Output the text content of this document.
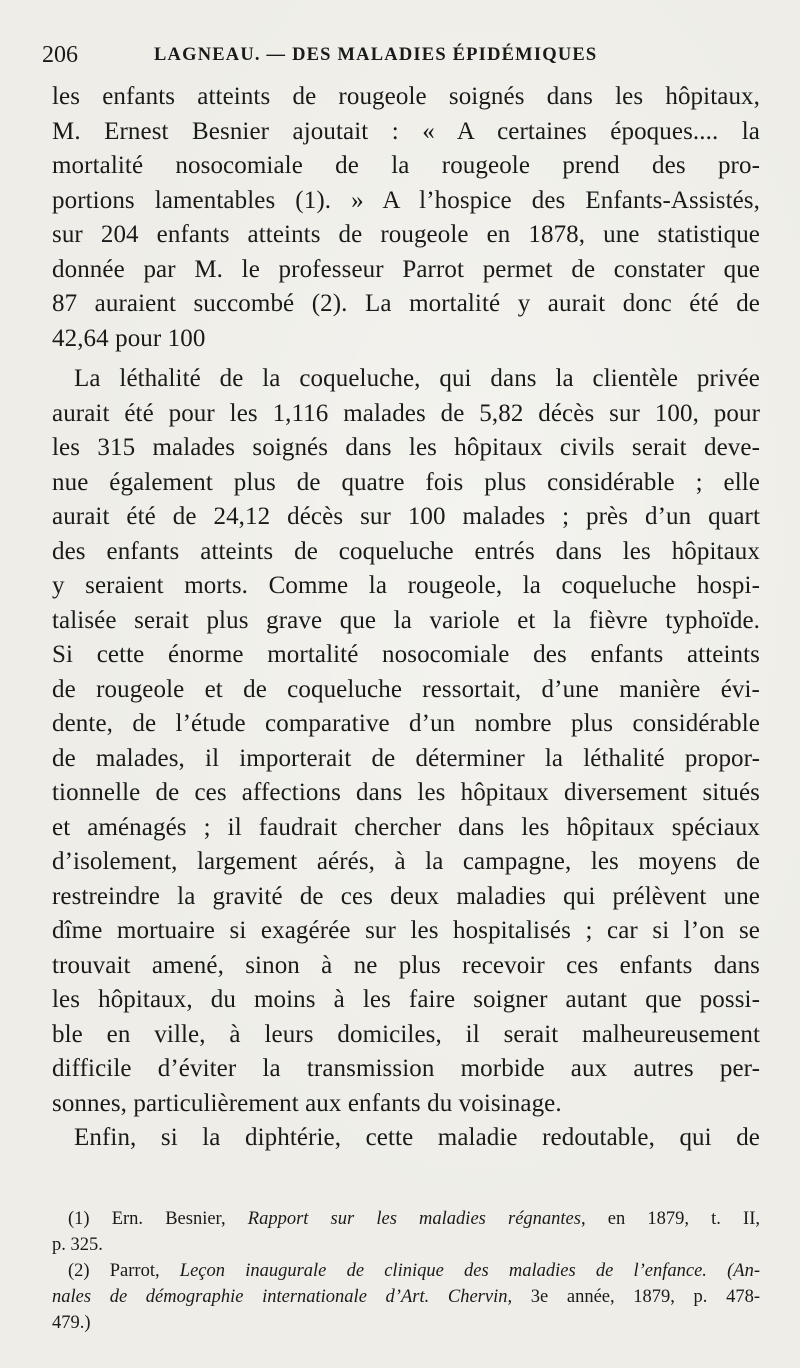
206	LAGNEAU. — DES MALADIES ÉPIDÉMIQUES
les enfants atteints de rougeole soignés dans les hôpitaux,
M. Ernest Besnier ajoutait : « A certaines époques.... la
mortalité nosocomiale de la rougeole prend des pro-
portions lamentables (1). » A l’hospice des Enfants-Assistés,
sur 204 enfants atteints de rougeole en 1878, une statistique
donnée par M. le professeur Parrot permet de constater que
87 auraient succombé (2). La mortalité y aurait donc été de
42,64 pour 100
La léthalité de la coqueluche, qui dans la clientèle privée
aurait été pour les 1,116 malades de 5,82 décès sur 100, pour
les 315 malades soignés dans les hôpitaux civils serait deve-
nue également plus de quatre fois plus considérable ; elle
aurait été de 24,12 décès sur 100 malades ; près d’un quart
des enfants atteints de coqueluche entrés dans les hôpitaux
y seraient morts. Comme la rougeole, la coqueluche hospi-
talisée serait plus grave que la variole et la fièvre typhoïde.
Si cette énorme mortalité nosocomiale des enfants atteints
de rougeole et de coqueluche ressortait, d’une manière évi-
dente, de l’étude comparative d’un nombre plus considérable
de malades, il importerait de déterminer la léthalité propor-
tionnelle de ces affections dans les hôpitaux diversement situés
et aménagés ; il faudrait chercher dans les hôpitaux spéciaux
d’isolement, largement aérés, à la campagne, les moyens de
restreindre la gravité de ces deux maladies qui prélèvent une
dîme mortuaire si exagérée sur les hospitalisés ; car si l’on se
trouvait amené, sinon à ne plus recevoir ces enfants dans
les hôpitaux, du moins à les faire soigner autant que possi-
ble en ville, à leurs domiciles, il serait malheureusement
difficile d’éviter la transmission morbide aux autres per-
sonnes, particulièrement aux enfants du voisinage.
Enfin, si la diphtérie, cette maladie redoutable, qui de
(1) Ern. Besnier, Rapport sur les maladies régnantes, en 1879, t. II,
p. 325.
(2) Parrot, Leçon inaugurale de clinique des maladies de l’enfance. (An-
nales de démographie internationale d’Art. Chervin, 3e année, 1879, p. 478-
479.)
